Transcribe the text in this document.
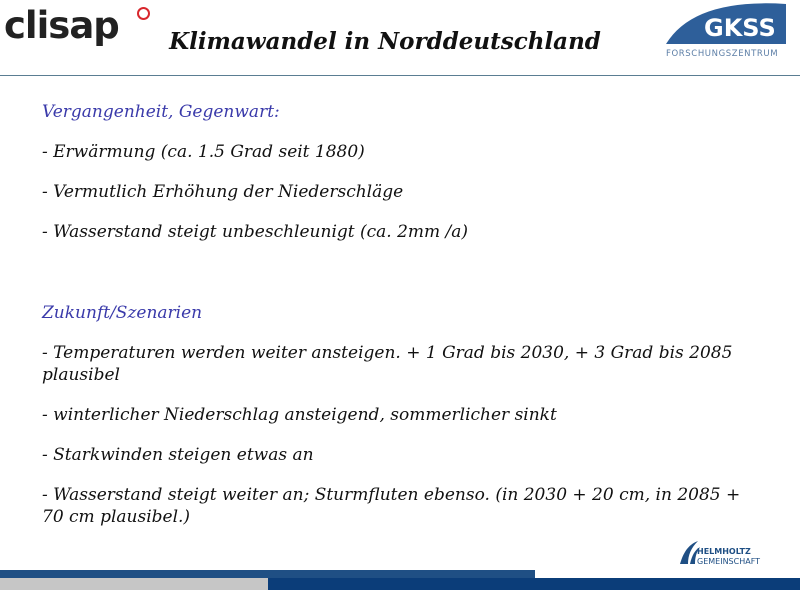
clisap	Klimawandel in Norddeutschland	GKSS
FORSCHUNGSZENTRUM
Vergangenheit, Gegenwart:
- Erwärmung (ca. 1.5 Grad seit 1880)
- Vermutlich Erhöhung der Niederschläge
- Wasserstand steigt unbeschleunigt (ca. 2mm /a)
Zukunft/Szenarien
- Temperaturen werden weiter ansteigen. + 1 Grad bis 2030, + 3 Grad bis 2085 plausibel
- winterlicher Niederschlag ansteigend, sommerlicher sinkt
- Starkwinden steigen etwas an
- Wasserstand steigt weiter an; Sturmfluten ebenso. (in 2030 + 20 cm, in 2085 + 70 cm plausibel.)
HELMHOLTZ
GEMEINSCHAFT
